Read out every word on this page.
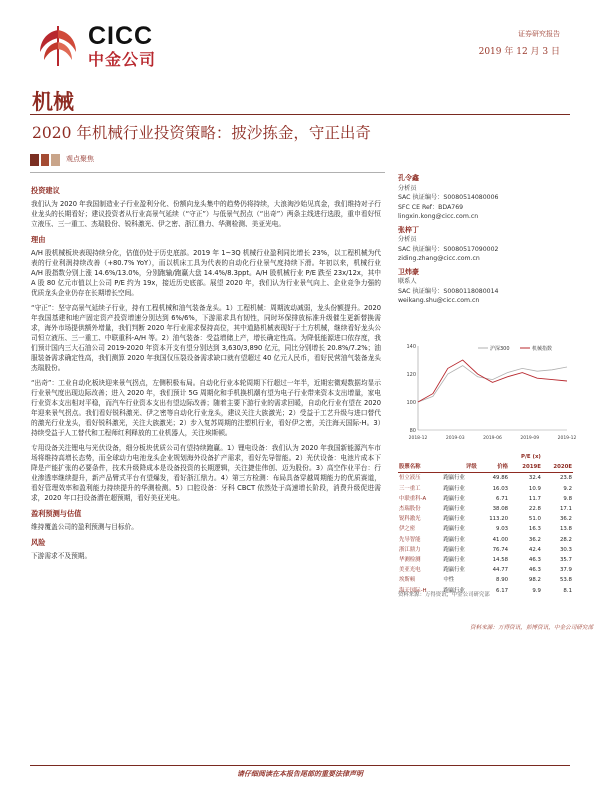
CICC
中金公司
证券研究报告
2019 年 12 月 3 日
机械
2020 年机械行业投资策略：披沙拣金，守正出奇
观点聚焦
投资建议

我们认为 2020 年我国制造业子行业盈利分化、份额向龙头集中的趋势仍将持续，大浪淘沙始见真金，我们维持对子行业龙头的长期看好；建议投资者从行业高景气延续（“守正”）与低景气拐点（“出奇”）两条主线进行选股，重申看好恒立液压、三一重工、杰瑞股份、锐科激光、伊之密、浙江鼎力、华测检测、美亚光电。

理由

A/H 股机械板块表现持续分化，估值仍处于历史底部。2019 年 1~3Q 机械行业盈利同比增长 23%，以工程机械为代表的行业利润持续改善（+80.7% YoY），而以机床工具为代表的自动化行业景气度持续下滑。年初以来，机械行业 A/H 股指数分别上涨 14.6%/13.0%，分别跑输/跑赢大盘 14.4%/8.3ppt。A/H 股机械行业 P/E 跌至 23x/12x，其中 A 股 80 亿元市值以上公司 P/E 约为 19x，接近历史底部。展望 2020 年，我们认为行业景气向上、企业竞争力强的优质龙头企业仍存在长期增长空间。

“守正”：坚守高景气延续子行业，持有工程机械和油气装备龙头。1）工程机械：周期波动减弱，龙头份额提升。2020 年我国基建和地产固定资产投资增速分别达到 6%/6%，下游需求具有韧性，同时环保排放标准升级催生更新替换需求，海外市场提供额外增量，我们判断 2020 年行业需求保持高位，其中道路机械表现好于土方机械，继续看好龙头公司恒立液压、三一重工、中联重科-A/H 等。2）油气装备：受益增储上产，增长确定性高。为降低能源进口依存度，我们预计国内三大石油公司 2019-2020 年资本开支有望分别达到 3,630/3,890 亿元，同比分别增长 20.8%/7.2%；油服装备需求确定性高，我们测算 2020 年我国仅压裂设备需求缺口就有望超过 40 亿元人民币，看好民营油气装备龙头杰瑞股份。

“出奇”：工业自动化板块迎来景气拐点，左侧积极布局。自动化行业本轮周期下行超过一年半，近期宏微观数据均显示行业景气度出现边际改善；进入 2020 年，我们预计 5G 周期化和手机换机潮有望为电子行业带来资本支出增量，家电行业资本支出相对平稳，而汽车行业资本支出有望边际改善；随着主要下游行业的需求回暖，自动化行业有望在 2020 年迎来景气拐点。我们看好锐科激光、伊之密等自动化行业龙头，建议关注大族激光；2）受益于工艺升级与进口替代的激光行业龙头，看好锐科激光，关注大族激光；2）步入复苏周期的注塑机行业，看好伊之密，关注海天国际-H。3）持续受益于人工替代和工程师红利释放的工业机器人，关注埃斯顿。

专用设备关注锂电与光伏设备，细分板块优质公司有望持续跑赢。1）锂电设备：我们认为 2020 年我国新能源汽车市场将维持高增长态势，而全球动力电池龙头企业规划海外设备扩产需求，看好先导智能。2）光伏设备：电池片成本下降是产能扩张的必要条件，技术升级降成本是设备投资的长期逻辑，关注捷佳伟创、迈为股份。3）高空作业平台：行业渗透率继续提升，新产品臂式平台有望爆发，看好浙江鼎力。4）第三方检测：布局具备穿越周期能力的优质赛道，看好管理效率和盈利能力持续提升的华测检测。5）口腔设备：牙科 CBCT 依然处于高速增长阶段，消费升级促进需求，2020 年口扫设备潜在超预期，看好美亚光电。

盈利预测与估值

维持覆盖公司的盈利预测与目标价。

风险

下游需求不及预期。

孔令鑫
分析员
SAC 执证编号：S0080514080006
SFC CE Ref：BDA769
lingxin.kong@cicc.com.cn
张梓丁
分析员
SAC 执证编号：S0080517090002
ziding.zhang@cicc.com.cn
卫炜豪
联系人
SAC 执证编号：S0080118080014
weikang.shu@cicc.com.cn
80
100
120
140
2018-12	2019-03	2019-06	2019-09	2019-12
沪深300	机械指数
			P/E (x)	
股票名称	评级	价格	2019E	2020E
恒立液压	跑赢行业	49.86	32.4	23.8
三一重工	跑赢行业	16.03	10.9	9.2
中联重科-A	跑赢行业	6.71	11.7	9.8
杰瑞股份	跑赢行业	38.08	22.8	17.1
锐科激光	跑赢行业	113.20	51.0	36.2
伊之密	跑赢行业	9.03	16.3	13.8
先导智能	跑赢行业	41.00	36.2	28.2
浙江鼎力	跑赢行业	76.74	42.4	30.3
华测检测	跑赢行业	14.58	46.3	35.7
美亚光电	跑赢行业	44.77	46.3	37.9
埃斯顿	中性	8.90	98.2	53.8
海天国际-H	跑赢行业	6.17	9.9	8.1
资料来源：万得资讯，中金公司研究部
资料来源：万得资讯，彭博资讯，中金公司研究部
请仔细阅读在本报告尾部的重要法律声明
